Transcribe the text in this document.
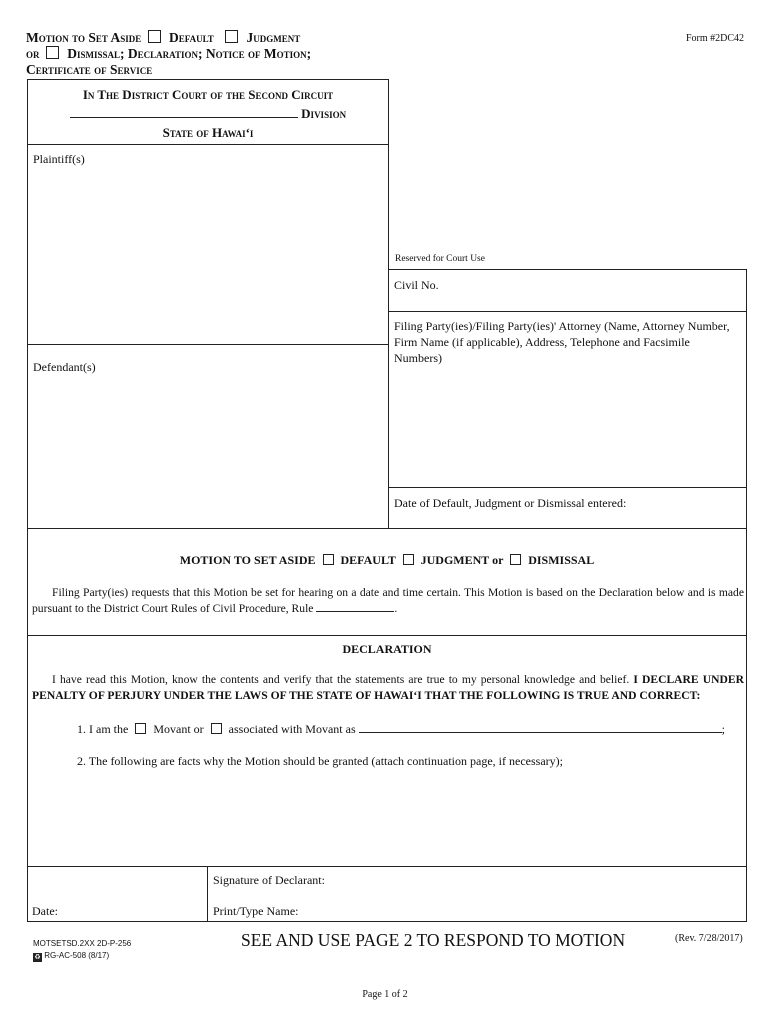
Motion to Set Aside Default Judgment
or Dismissal; Declaration; Notice of Motion;
Certificate of Service
Form #2DC42
In The District Court of the Second Circuit
Division
State of Hawai‘i
Plaintiff(s)
Defendant(s)
Reserved for Court Use
Civil No.
Filing Party(ies)/Filing Party(ies)' Attorney (Name, Attorney Number, Firm Name (if applicable), Address, Telephone and Facsimile Numbers)
Date of Default, Judgment or Dismissal entered:
MOTION TO SET ASIDE DEFAULT JUDGMENT or DISMISSAL
Filing Party(ies) requests that this Motion be set for hearing on a date and time certain. This Motion is based on the Declaration below and is made pursuant to the District Court Rules of Civil Procedure, Rule	.
DECLARATION
I have read this Motion, know the contents and verify that the statements are true to my personal knowledge and belief. I DECLARE UNDER PENALTY OF PERJURY UNDER THE LAWS OF THE STATE OF HAWAI‘I THAT THE FOLLOWING IS TRUE AND CORRECT:
1. I am the Movant or associated with Movant as	;
2. The following are facts why the Motion should be granted (attach continuation page, if necessary);
Signature of Declarant:
Date:	Print/Type Name:
MOTSETSD.2XX 2D-P-256
♻ RG-AC-508 (8/17)
SEE AND USE PAGE 2 TO RESPOND TO MOTION	(Rev. 7/28/2017)
Page 1 of 2
